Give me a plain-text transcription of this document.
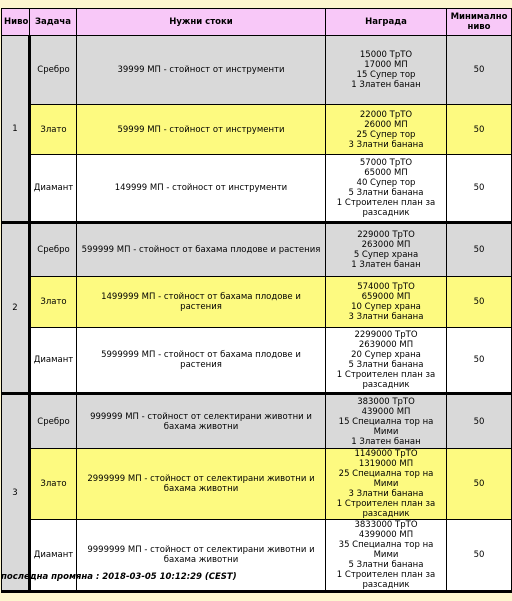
Ниво	Задача	Нужни стоки	Награда	Минимално ниво
1	Сребро	39999 МП - стойност от инструменти	15000 ТрТО
17000 МП
15 Супер тор
1 Златен банан	50
	Злато	59999 МП - стойност от инструменти	22000 ТрТО
26000 МП
25 Супер тор
3 Златни банана	50
	Диамант	149999 МП - стойност от инструменти	57000 ТрТО
65000 МП
40 Супер тор
5 Златни банана
1 Строителен план за разсадник	50
2	Сребро	599999 МП - стойност от бахама плодове и растения	229000 ТрТО
263000 МП
5 Супер храна
1 Златен банан	50
	Злато	1499999 МП - стойност от бахама плодове и растения	574000 ТрТО
659000 МП
10 Супер храна
3 Златни банана	50
	Диамант	5999999 МП - стойност от бахама плодове и растения	2299000 ТрТО
2639000 МП
20 Супер храна
5 Златни банана
1 Строителен план за разсадник	50
3	Сребро	999999 МП - стойност от селектирани животни и бахама животни	383000 ТрТО
439000 МП
15 Специална тор на Мими
1 Златен банан	50
	Злато	2999999 МП - стойност от селектирани животни и бахама животни	1149000 ТрТО
1319000 МП
25 Специална тор на Мими
3 Златни банана
1 Строителен план за разсадник	50
	Диамант	9999999 МП - стойност от селектирани животни и бахама животни	3833000 ТрТО
4399000 МП
35 Специална тор на Мими
5 Златни банана
1 Строителен план за разсадник	50
последна промяна : 2018-03-05 10:12:29 (CEST)
